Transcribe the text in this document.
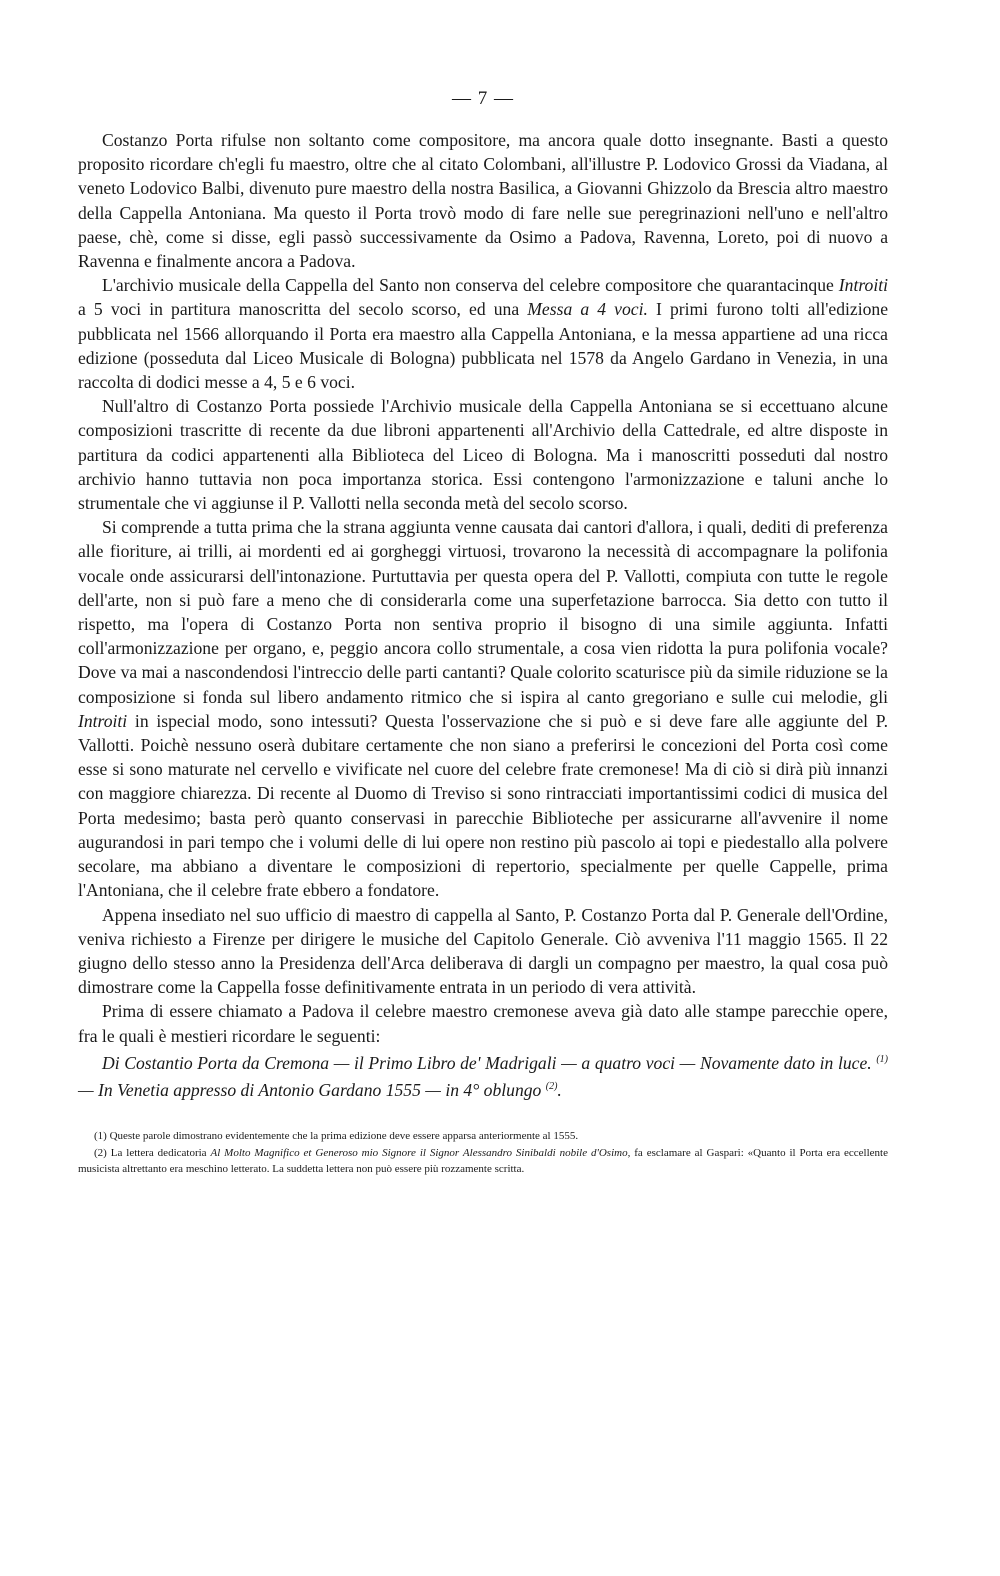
— 7 —

Costanzo Porta rifulse non soltanto come compositore, ma ancora quale dotto insegnante. Basti a questo proposito ricordare ch'egli fu maestro, oltre che al citato Colombani, all'illustre P. Lodovico Grossi da Viadana, al veneto Lodovico Balbi, divenuto pure maestro della nostra Basilica, a Giovanni Ghizzolo da Brescia altro maestro della Cappella Antoniana. Ma questo il Porta trovò modo di fare nelle sue peregrinazioni nell'uno e nell'altro paese, chè, come si disse, egli passò successivamente da Osimo a Padova, Ravenna, Loreto, poi di nuovo a Ravenna e finalmente ancora a Padova.

L'archivio musicale della Cappella del Santo non conserva del celebre compositore che quarantacinque Introiti a 5 voci in partitura manoscritta del secolo scorso, ed una Messa a 4 voci. I primi furono tolti all'edizione pubblicata nel 1566 allorquando il Porta era maestro alla Cappella Antoniana, e la messa appartiene ad una ricca edizione (posseduta dal Liceo Musicale di Bologna) pubblicata nel 1578 da Angelo Gardano in Venezia, in una raccolta di dodici messe a 4, 5 e 6 voci.

Null'altro di Costanzo Porta possiede l'Archivio musicale della Cappella Antoniana se si eccettuano alcune composizioni trascritte di recente da due libroni appartenenti all'Archivio della Cattedrale, ed altre disposte in partitura da codici appartenenti alla Biblioteca del Liceo di Bologna. Ma i manoscritti posseduti dal nostro archivio hanno tuttavia non poca importanza storica. Essi contengono l'armonizzazione e taluni anche lo strumentale che vi aggiunse il P. Vallotti nella seconda metà del secolo scorso.

Si comprende a tutta prima che la strana aggiunta venne causata dai cantori d'allora, i quali, dediti di preferenza alle fioriture, ai trilli, ai mordenti ed ai gorgheggi virtuosi, trovarono la necessità di accompagnare la polifonia vocale onde assicurarsi dell'intonazione. Purtuttavia per questa opera del P. Vallotti, compiuta con tutte le regole dell'arte, non si può fare a meno che di considerarla come una superfetazione barrocca. Sia detto con tutto il rispetto, ma l'opera di Costanzo Porta non sentiva proprio il bisogno di una simile aggiunta. Infatti coll'armonizzazione per organo, e, peggio ancora collo strumentale, a cosa vien ridotta la pura polifonia vocale? Dove va mai a nascondendosi l'intreccio delle parti cantanti? Quale colorito scaturisce più da simile riduzione se la composizione si fonda sul libero andamento ritmico che si ispira al canto gregoriano e sulle cui melodie, gli Introiti in ispecial modo, sono intessuti? Questa l'osservazione che si può e si deve fare alle aggiunte del P. Vallotti. Poichè nessuno oserà dubitare certamente che non siano a preferirsi le concezioni del Porta così come esse si sono maturate nel cervello e vivificate nel cuore del celebre frate cremonese! Ma di ciò si dirà più innanzi con maggiore chiarezza. Di recente al Duomo di Treviso si sono rintracciati importantissimi codici di musica del Porta medesimo; basta però quanto conservasi in parecchie Biblioteche per assicurarne all'avvenire il nome augurandosi in pari tempo che i volumi delle di lui opere non restino più pascolo ai topi e piedestallo alla polvere secolare, ma abbiano a diventare le composizioni di repertorio, specialmente per quelle Cappelle, prima l'Antoniana, che il celebre frate ebbero a fondatore.

Appena insediato nel suo ufficio di maestro di cappella al Santo, P. Costanzo Porta dal P. Generale dell'Ordine, veniva richiesto a Firenze per dirigere le musiche del Capitolo Generale. Ciò avveniva l'11 maggio 1565. Il 22 giugno dello stesso anno la Presidenza dell'Arca deliberava di dargli un compagno per maestro, la qual cosa può dimostrare come la Cappella fosse definitivamente entrata in un periodo di vera attività.

Prima di essere chiamato a Padova il celebre maestro cremonese aveva già dato alle stampe parecchie opere, fra le quali è mestieri ricordare le seguenti:

Di Costantio Porta da Cremona — il Primo Libro de' Madrigali — a quatro voci — Novamente dato in luce. $^{(1)}$ — In Venetia appresso di Antonio Gardano 1555 — in 4° oblungo $^{(2)}$.

(1) Queste parole dimostrano evidentemente che la prima edizione deve essere apparsa anteriormente al 1555.

(2) La lettera dedicatoria Al Molto Magnifico et Generoso mio Signore il Signor Alessandro Sinibaldi nobile d'Osimo, fa esclamare al Gaspari: «Quanto il Porta era eccellente musicista altrettanto era meschino letterato. La suddetta lettera non può essere più rozzamente scritta.
